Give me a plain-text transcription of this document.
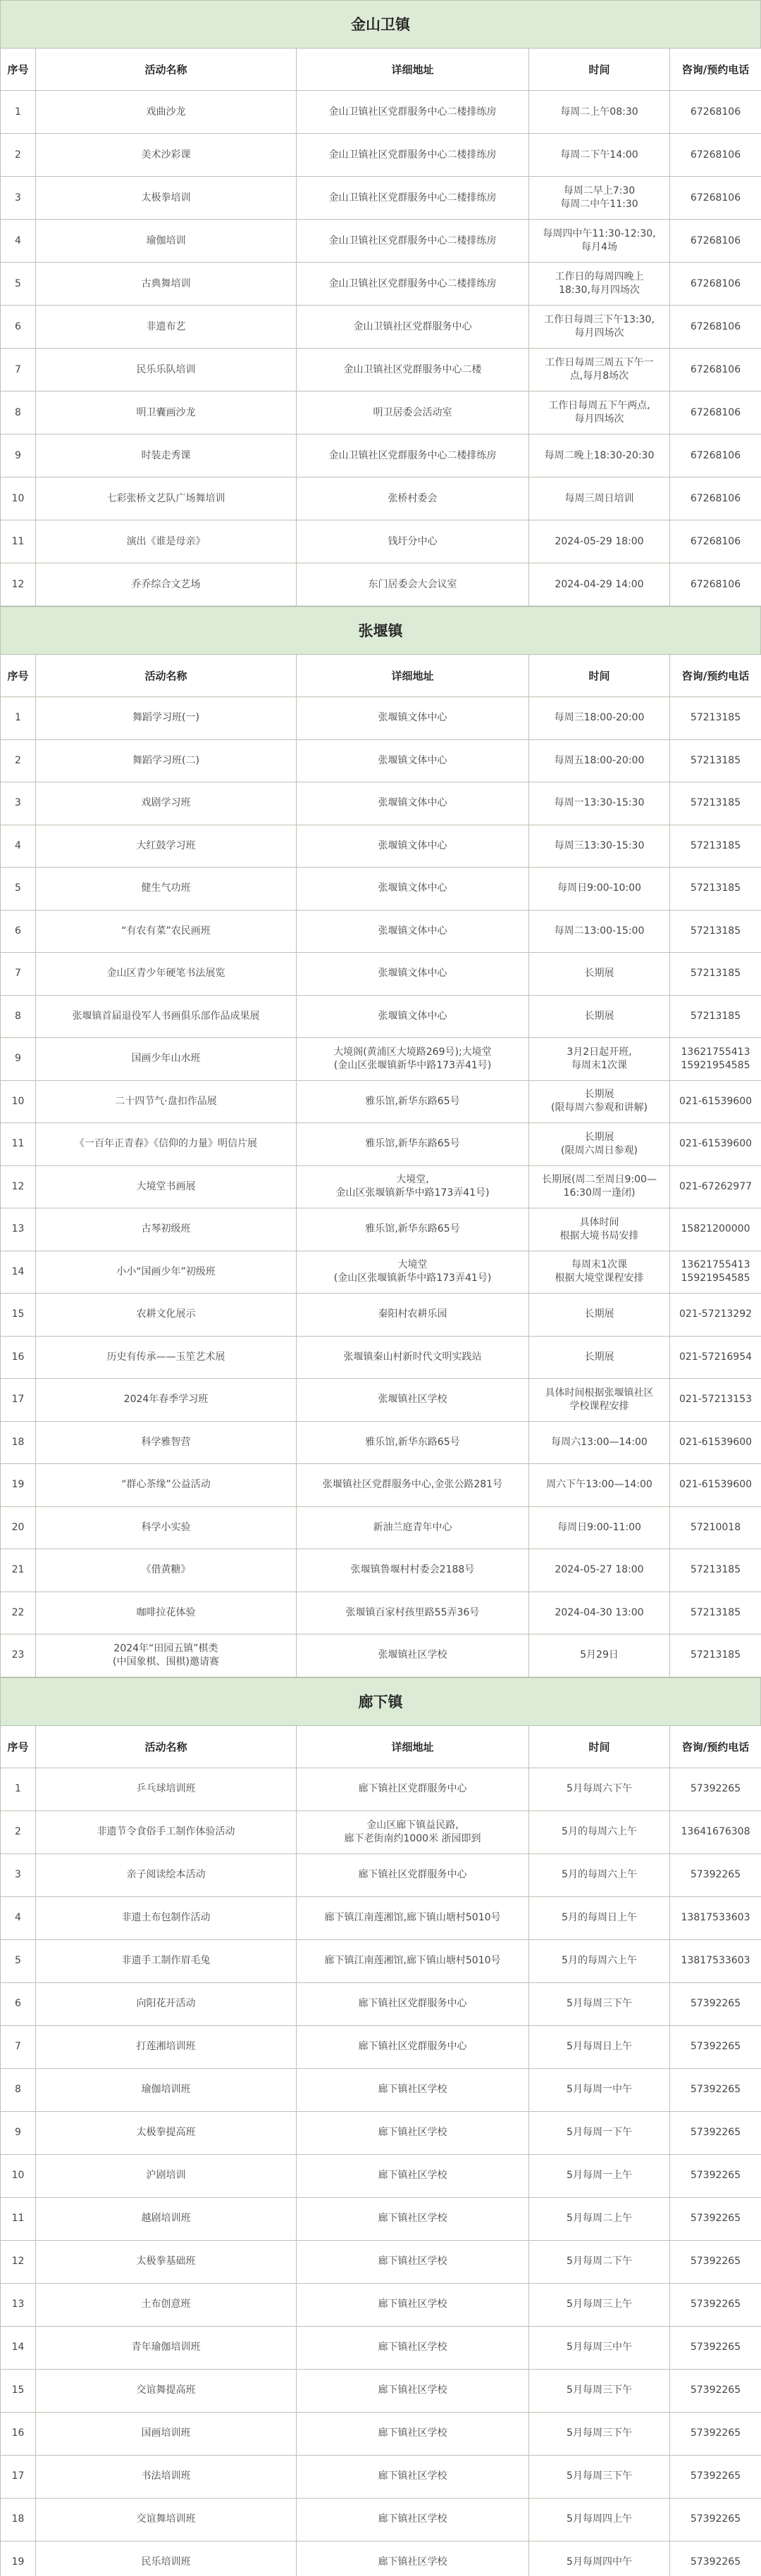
金山卫镇
序号	活动名称	详细地址	时间	咨询/预约电话
1	戏曲沙龙	金山卫镇社区党群服务中心二楼排练房	每周二上午08:30	67268106
2	美术沙彩课	金山卫镇社区党群服务中心二楼排练房	每周二下午14:00	67268106
3	太极拳培训	金山卫镇社区党群服务中心二楼排练房	每周二早上7:30
每周二中午11:30	67268106
4	瑜伽培训	金山卫镇社区党群服务中心二楼排练房	每周四中午11:30-12:30,
每月4场	67268106
5	古典舞培训	金山卫镇社区党群服务中心二楼排练房	工作日的每周四晚上
18:30,每月四场次	67268106
6	非遗布艺	金山卫镇社区党群服务中心	工作日每周三下午13:30,
每月四场次	67268106
7	民乐乐队培训	金山卫镇社区党群服务中心二楼	工作日每周三周五下午一
点,每月8场次	67268106
8	明卫囊画沙龙	明卫居委会活动室	工作日每周五下午两点,
每月四场次	67268106
9	时装走秀课	金山卫镇社区党群服务中心二楼排练房	每周二晚上18:30-20:30	67268106
10	七彩张桥文艺队广场舞培训	张桥村委会	每周三周日培训	67268106
11	演出《谁是母亲》	钱圩分中心	2024-05-29 18:00	67268106
12	乔乔综合文艺场	东门居委会大会议室	2024-04-29 14:00	67268106
张堰镇
序号	活动名称	详细地址	时间	咨询/预约电话
1	舞蹈学习班(一)	张堰镇文体中心	每周三18:00-20:00	57213185
2	舞蹈学习班(二)	张堰镇文体中心	每周五18:00-20:00	57213185
3	戏剧学习班	张堰镇文体中心	每周一13:30-15:30	57213185
4	大红鼓学习班	张堰镇文体中心	每周三13:30-15:30	57213185
5	健生气功班	张堰镇文体中心	每周日9:00-10:00	57213185
6	“有农有菜”农民画班	张堰镇文体中心	每周二13:00-15:00	57213185
7	金山区青少年硬笔书法展览	张堰镇文体中心	长期展	57213185
8	张堰镇首届退役军人书画俱乐部作品成果展	张堰镇文体中心	长期展	57213185
9	国画少年山水班	大境阁(黄浦区大境路269号);大境堂
(金山区张堰镇新华中路173弄41号)	3月2日起开班,
每周末1次课	13621755413
15921954585
10	二十四节气·盘扣作品展	雅乐馆,新华东路65号	长期展
(限每周六参观和讲解)	021-61539600
11	《一百年正青春》《信仰的力量》明信片展	雅乐馆,新华东路65号	长期展
(限周六周日参观)	021-61539600
12	大境堂书画展	大境堂,
金山区张堰镇新华中路173弄41号)	长期展(周二至周日9:00—
16:30周一逢闭)	021-67262977
13	古琴初级班	雅乐馆,新华东路65号	具体时间
根据大境书局安排	15821200000
14	小小“国画少年”初级班	大境堂
(金山区张堰镇新华中路173弄41号)	每周末1次课
根据大境堂课程安排	13621755413
15921954585
15	农耕文化展示	秦阳村农耕乐园	长期展	021-57213292
16	历史有传承——玉笙艺术展	张堰镇秦山村新时代文明实践站	长期展	021-57216954
17	2024年春季学习班	张堰镇社区学校	具体时间根据张堰镇社区
学校课程安排	021-57213153
18	科学雅智营	雅乐馆,新华东路65号	每周六13:00—14:00	021-61539600
19	“群心茶缘”公益活动	张堰镇社区党群服务中心,金张公路281号	周六下午13:00—14:00	021-61539600
20	科学小实验	新油兰庭青年中心	每周日9:00-11:00	57210018
21	《借黄糖》	张堰镇鲁堰村村委会2188号	2024-05-27 18:00	57213185
22	咖啡拉花体验	张堰镇百家村孩里路55弄36号	2024-04-30 13:00	57213185
23	2024年“田园五镇”棋类
(中国象棋、围棋)邀请赛	张堰镇社区学校	5月29日	57213185
廊下镇
序号	活动名称	详细地址	时间	咨询/预约电话
1	乒乓球培训班	廊下镇社区党群服务中心	5月每周六下午	57392265
2	非遗节令食俗手工制作体验活动	金山区廊下镇益民路,
廊下老街南约1000米 浙园即到	5月的每周六上午	13641676308
3	亲子阅读绘本活动	廊下镇社区党群服务中心	5月的每周六上午	57392265
4	非遗土布包制作活动	廊下镇江南莲湘馆,廊下镇山塘村5010号	5月的每周日上午	13817533603
5	非遗手工制作眉毛兔	廊下镇江南莲湘馆,廊下镇山塘村5010号	5月的每周六上午	13817533603
6	向阳花开活动	廊下镇社区党群服务中心	5月每周三下午	57392265
7	打莲湘培训班	廊下镇社区党群服务中心	5月每周日上午	57392265
8	瑜伽培训班	廊下镇社区学校	5月每周一中午	57392265
9	太极拳提高班	廊下镇社区学校	5月每周一下午	57392265
10	沪剧培训	廊下镇社区学校	5月每周一上午	57392265
11	越剧培训班	廊下镇社区学校	5月每周二上午	57392265
12	太极拳基础班	廊下镇社区学校	5月每周二下午	57392265
13	土布创意班	廊下镇社区学校	5月每周三上午	57392265
14	青年瑜伽培训班	廊下镇社区学校	5月每周三中午	57392265
15	交谊舞提高班	廊下镇社区学校	5月每周三下午	57392265
16	国画培训班	廊下镇社区学校	5月每周三下午	57392265
17	书法培训班	廊下镇社区学校	5月每周三下午	57392265
18	交谊舞培训班	廊下镇社区学校	5月每周四上午	57392265
19	民乐培训班	廊下镇社区学校	5月每周四中午	57392265
